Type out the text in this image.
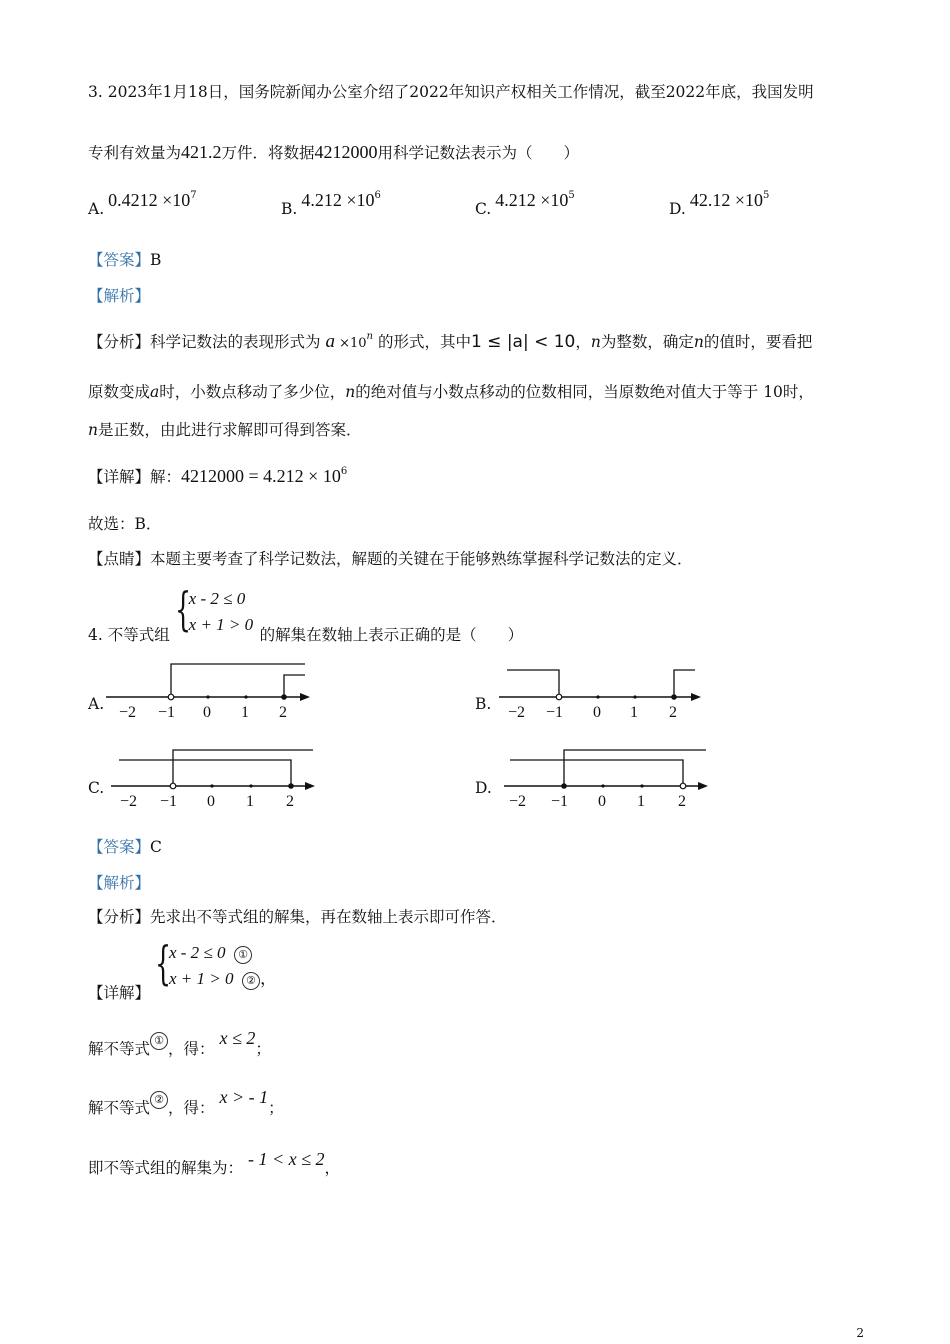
3. 2023年1月18日，国务院新闻办公室介绍了2022年知识产权相关工作情况，截至2022年底，我国发明
专利有效量为421.2万件．将数据4212000用科学记数法表示为（　　）
A. $0.4212 \times 10^7$
B. $4.212 \times 10^6$
C. $4.212 \times 10^5$
D. $42.12 \times 10^5$
【答案】B
【解析】
【分析】科学记数法的表现形式为 $a \times 10^n$ 的形式，其中1 ≤ |a| < 10，n为整数，确定n的值时，要看把
原数变成a时，小数点移动了多少位，n的绝对值与小数点移动的位数相同，当原数绝对值大于等于 10时，
n是正数，由此进行求解即可得到答案．
【详解】解：$4212000 = 4.212 \times 10^6$
故选：B．
【点睛】本题主要考查了科学记数法，解题的关键在于能够熟练掌握科学记数法的定义．
4. 不等式组 {
x - 2 ≤ 0
x + 1 > 0
的解集在数轴上表示正确的是（　　）
A.	B.
C.	D.
−2 −1 0 1 2	−2 −1 0 1 2
−2 −1 0 1 2	−2 −1 0 1 2
【答案】C
【解析】
【分析】先求出不等式组的解集，再在数轴上表示即可作答．
【详解】
{
x - 2 ≤ 0 ①
x + 1 > 0 ② ，
解不等式 ① ，得： x ≤ 2；
解不等式 ② ，得： x > - 1；
即不等式组的解集为： - 1 < x ≤ 2，
2
